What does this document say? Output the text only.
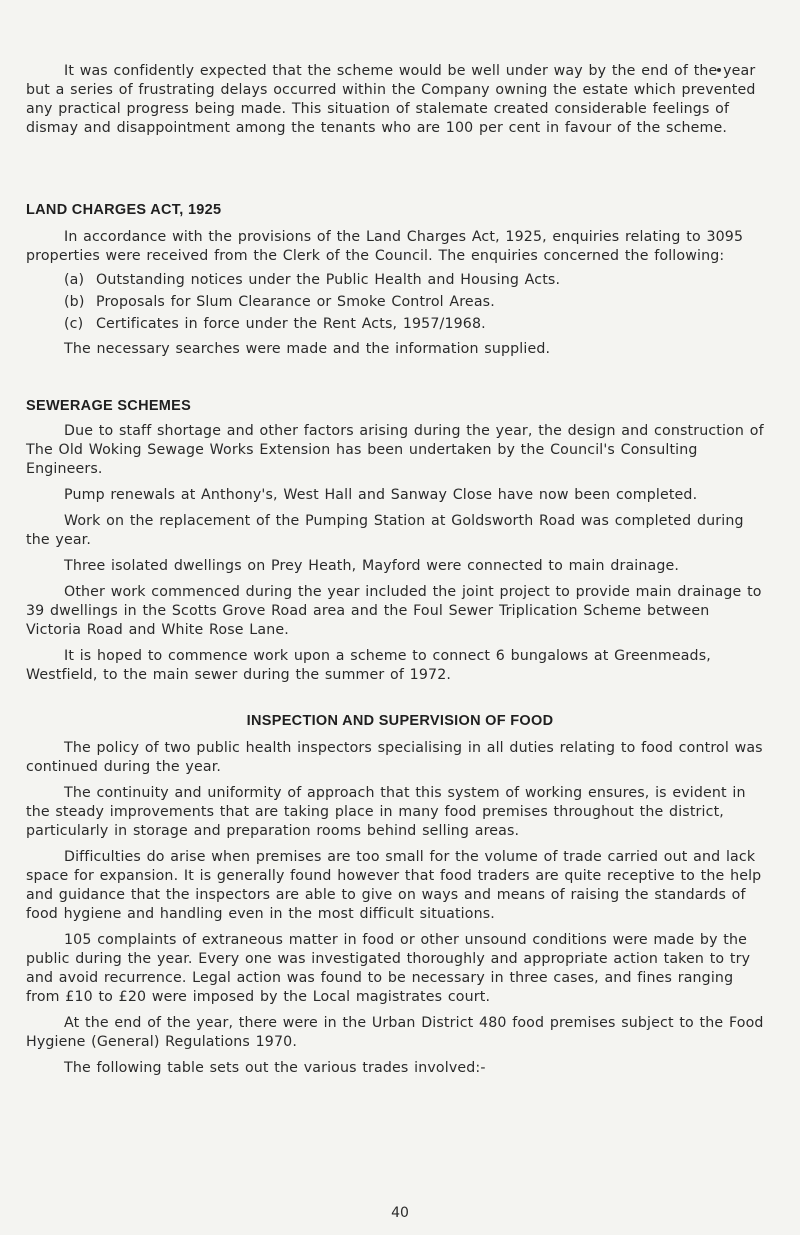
It was confidently expected that the scheme would be well under way by the end of the year but a series of frustrating delays occurred within the Company owning the estate which prevented any practical progress being made. This situation of stalemate created considerable feelings of dismay and disappointment among the tenants who are 100 per cent in favour of the scheme.

LAND CHARGES ACT, 1925

In accordance with the provisions of the Land Charges Act, 1925, enquiries relating to 3095 properties were received from the Clerk of the Council. The enquiries concerned the following:

(a) Outstanding notices under the Public Health and Housing Acts.
(b) Proposals for Slum Clearance or Smoke Control Areas.
(c) Certificates in force under the Rent Acts, 1957/1968.

The necessary searches were made and the information supplied.

SEWERAGE SCHEMES

Due to staff shortage and other factors arising during the year, the design and construction of The Old Woking Sewage Works Extension has been undertaken by the Council's Consulting Engineers.

Pump renewals at Anthony's, West Hall and Sanway Close have now been completed.

Work on the replacement of the Pumping Station at Goldsworth Road was completed during the year.

Three isolated dwellings on Prey Heath, Mayford were connected to main drainage.

Other work commenced during the year included the joint project to provide main drainage to 39 dwellings in the Scotts Grove Road area and the Foul Sewer Triplication Scheme between Victoria Road and White Rose Lane.

It is hoped to commence work upon a scheme to connect 6 bungalows at Greenmeads, Westfield, to the main sewer during the summer of 1972.

INSPECTION AND SUPERVISION OF FOOD

The policy of two public health inspectors specialising in all duties relating to food control was continued during the year.

The continuity and uniformity of approach that this system of working ensures, is evident in the steady improvements that are taking place in many food premises throughout the district, particularly in storage and preparation rooms behind selling areas.

Difficulties do arise when premises are too small for the volume of trade carried out and lack space for expansion. It is generally found however that food traders are quite receptive to the help and guidance that the inspectors are able to give on ways and means of raising the standards of food hygiene and handling even in the most difficult situations.

105 complaints of extraneous matter in food or other unsound conditions were made by the public during the year. Every one was investigated thoroughly and appropriate action taken to try and avoid recurrence. Legal action was found to be necessary in three cases, and fines ranging from £10 to £20 were imposed by the Local magistrates court.

At the end of the year, there were in the Urban District 480 food premises subject to the Food Hygiene (General) Regulations 1970.

The following table sets out the various trades involved:-

40
